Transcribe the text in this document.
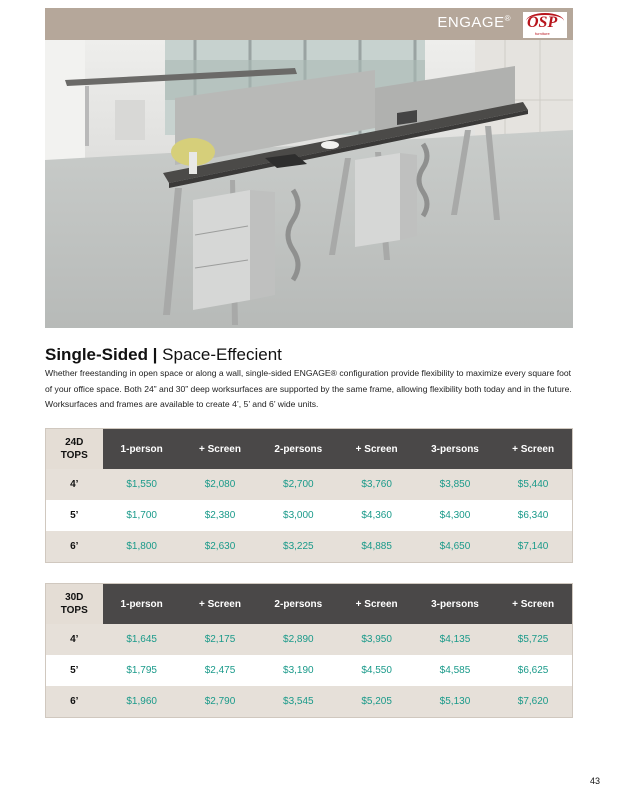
ENGAGE® OSP
furniture
Single-Sided | Space-Effecient
Whether freestanding in open space or along a wall, single-sided ENGAGE® configuration provide flexibility to maximize every square foot of your office space. Both 24” and 30” deep worksurfaces are supported by the same frame, allowing flexibility both today and in the future. Worksurfaces and frames are available to create 4’, 5’ and 6’ wide units.
24D
TOPS	1-person	+ Screen	2-persons	+ Screen	3-persons	+ Screen
4’	$1,550	$2,080	$2,700	$3,760	$3,850	$5,440
5’	$1,700	$2,380	$3,000	$4,360	$4,300	$6,340
6’	$1,800	$2,630	$3,225	$4,885	$4,650	$7,140
30D
TOPS	1-person	+ Screen	2-persons	+ Screen	3-persons	+ Screen
4’	$1,645	$2,175	$2,890	$3,950	$4,135	$5,725
5’	$1,795	$2,475	$3,190	$4,550	$4,585	$6,625
6’	$1,960	$2,790	$3,545	$5,205	$5,130	$7,620
43
